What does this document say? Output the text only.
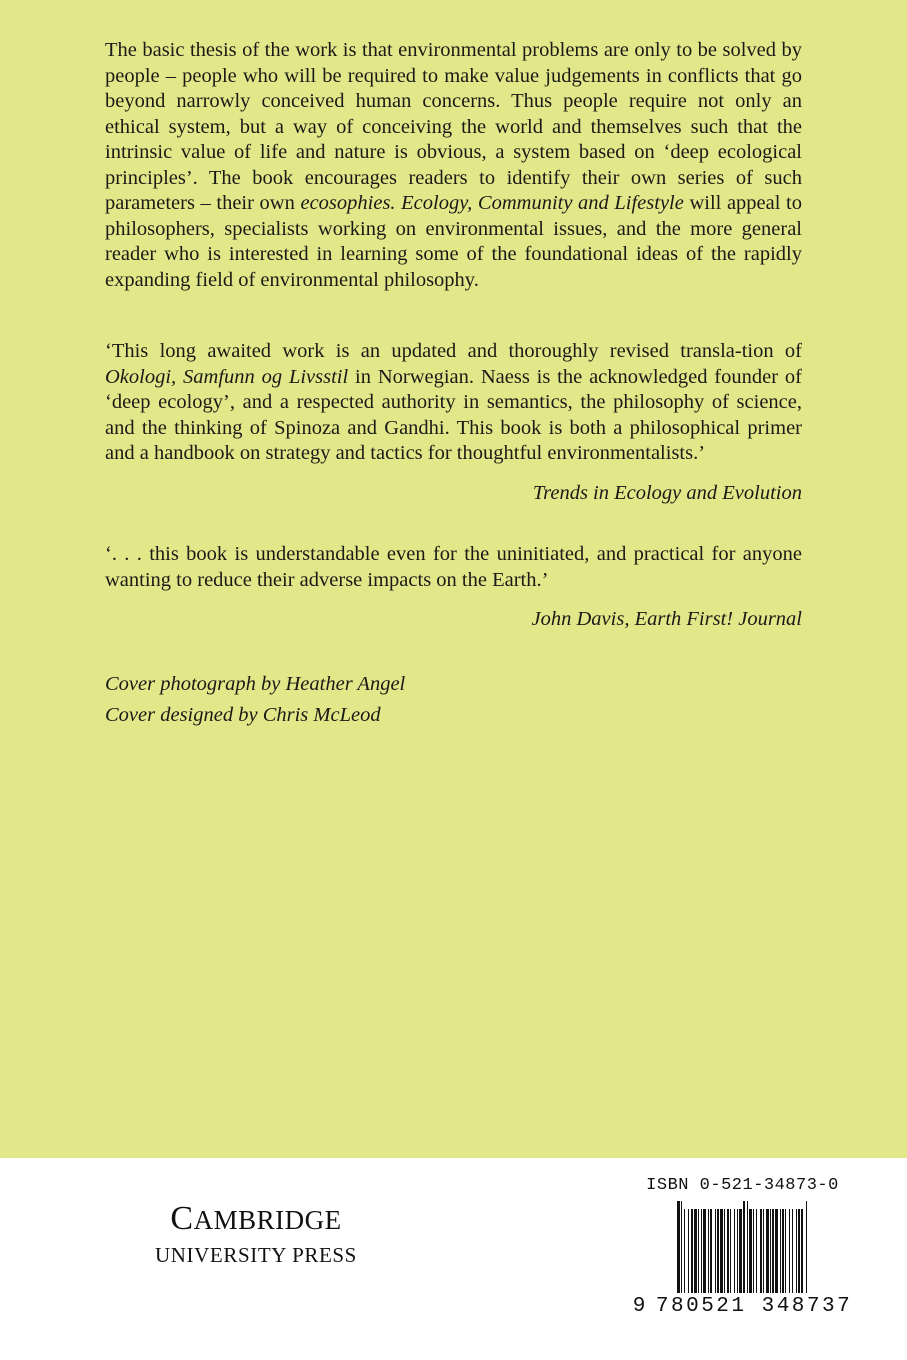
The basic thesis of the work is that environmental problems are only to be solved by people – people who will be required to make value judgements in conflicts that go beyond narrowly conceived human concerns. Thus people require not only an ethical system, but a way of conceiving the world and themselves such that the intrinsic value of life and nature is obvious, a system based on ‘deep ecological principles’. The book encourages readers to identify their own series of such parameters – their own ecosophies. Ecology, Community and Lifestyle will appeal to philosophers, specialists working on environmental issues, and the more general reader who is interested in learning some of the foundational ideas of the rapidly expanding field of environmental philosophy.

‘This long awaited work is an updated and thoroughly revised transla-tion of Okologi, Samfunn og Livsstil in Norwegian. Naess is the acknowledged founder of ‘deep ecology’, and a respected authority in semantics, the philosophy of science, and the thinking of Spinoza and Gandhi. This book is both a philosophical primer and a handbook on strategy and tactics for thoughtful environmentalists.’

Trends in Ecology and Evolution

‘. . . this book is understandable even for the uninitiated, and practical for anyone wanting to reduce their adverse impacts on the Earth.’

John Davis, Earth First! Journal

Cover photograph by Heather Angel

Cover designed by Chris McLeod

CAMBRIDGE
UNIVERSITY PRESS
ISBN 0-521-34873-0
9 780521 348737
